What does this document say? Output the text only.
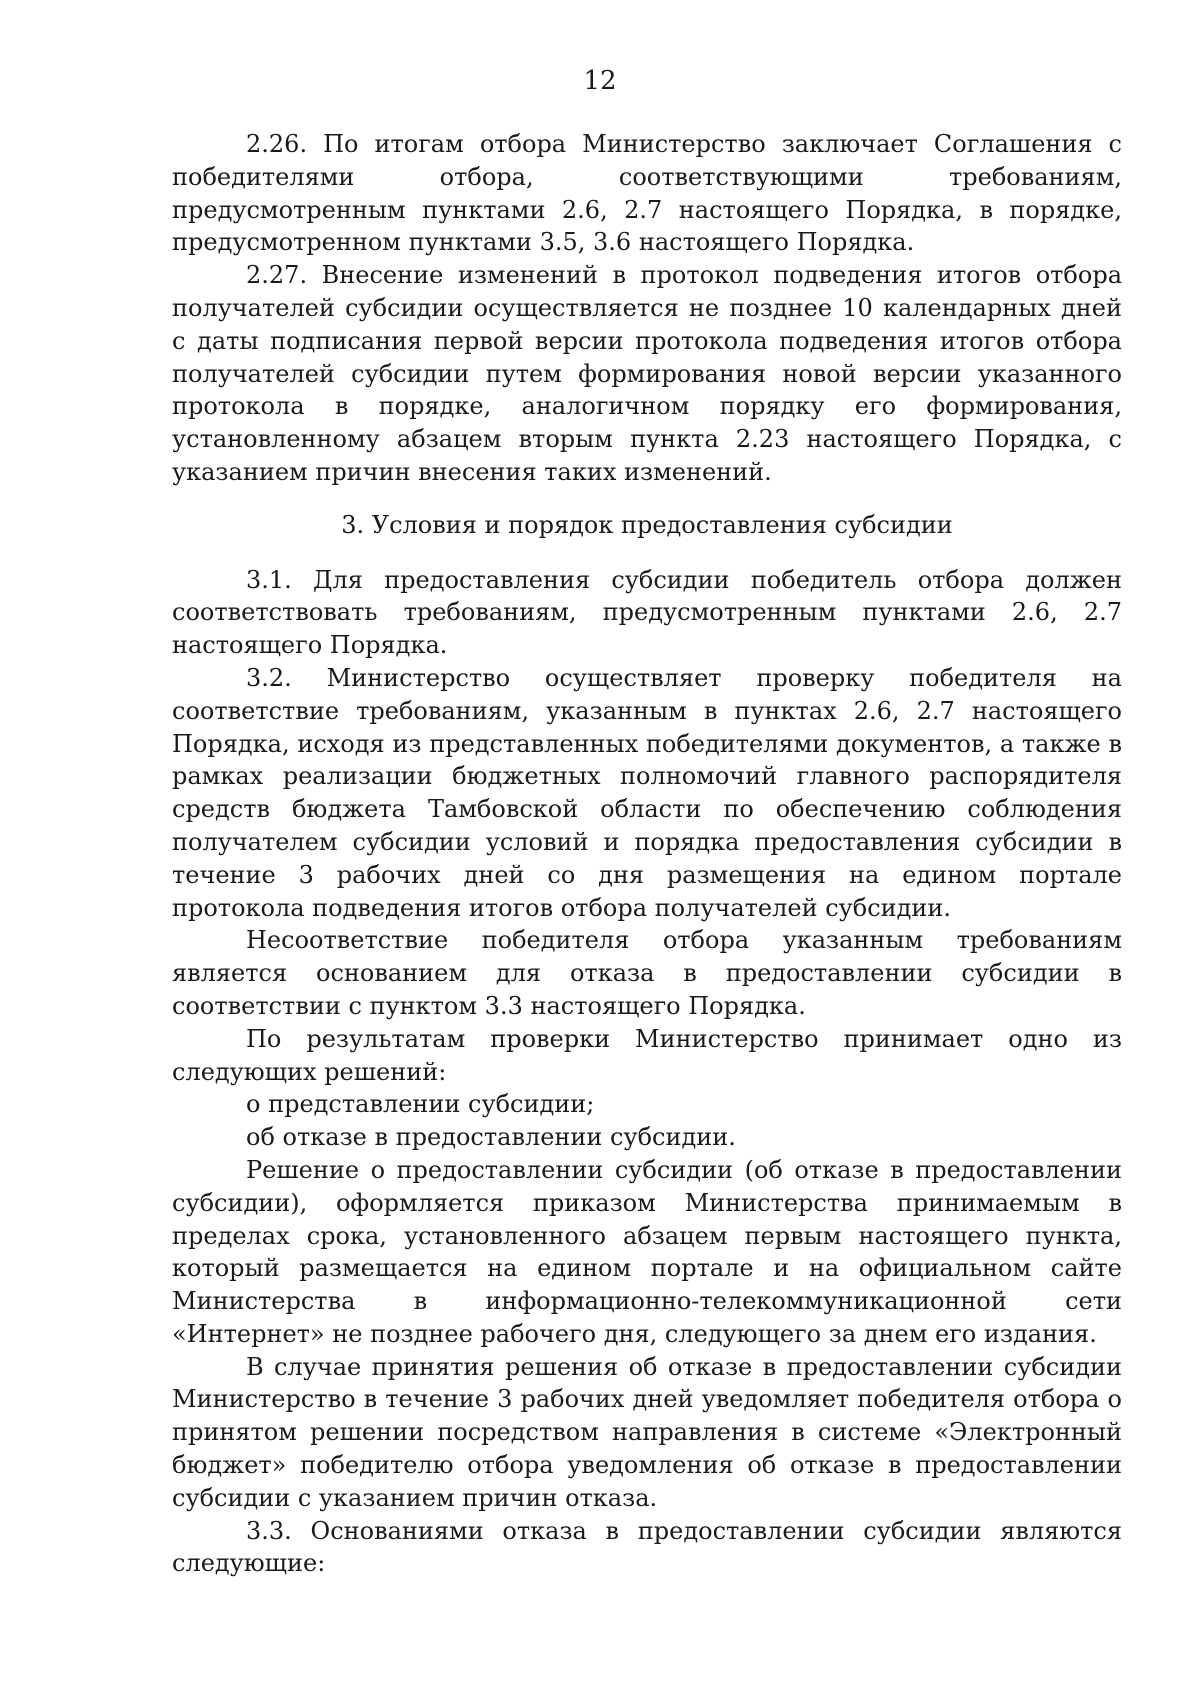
12

2.26. По итогам отбора Министерство заключает Соглашения с победителями отбора, соответствующими требованиям, предусмотренным пунктами 2.6, 2.7 настоящего Порядка, в порядке, предусмотренном пунктами 3.5, 3.6 настоящего Порядка.

2.27. Внесение изменений в протокол подведения итогов отбора получателей субсидии осуществляется не позднее 10 календарных дней с даты подписания первой версии протокола подведения итогов отбора получателей субсидии путем формирования новой версии указанного протокола в порядке, аналогичном порядку его формирования, установленному абзацем вторым пункта 2.23 настоящего Порядка, с указанием причин внесения таких изменений.

3. Условия и порядок предоставления субсидии

3.1. Для предоставления субсидии победитель отбора должен соответствовать требованиям, предусмотренным пунктами 2.6, 2.7 настоящего Порядка.

3.2. Министерство осуществляет проверку победителя на соответствие требованиям, указанным в пунктах 2.6, 2.7 настоящего Порядка, исходя из представленных победителями документов, а также в рамках реализации бюджетных полномочий главного распорядителя средств бюджета Тамбовской области по обеспечению соблюдения получателем субсидии условий и порядка предоставления субсидии в течение 3 рабочих дней со дня размещения на едином портале протокола подведения итогов отбора получателей субсидии.

Несоответствие победителя отбора указанным требованиям является основанием для отказа в предоставлении субсидии в соответствии с пунктом 3.3 настоящего Порядка.

По результатам проверки Министерство принимает одно из следующих решений:

о представлении субсидии;

об отказе в предоставлении субсидии.

Решение о предоставлении субсидии (об отказе в предоставлении субсидии), оформляется приказом Министерства принимаемым в пределах срока, установленного абзацем первым настоящего пункта, который размещается на едином портале и на официальном сайте Министерства в информационно-телекоммуникационной сети «Интернет» не позднее рабочего дня, следующего за днем его издания.

В случае принятия решения об отказе в предоставлении субсидии Министерство в течение 3 рабочих дней уведомляет победителя отбора о принятом решении посредством направления в системе «Электронный бюджет» победителю отбора уведомления об отказе в предоставлении субсидии с указанием причин отказа.

3.3. Основаниями отказа в предоставлении субсидии являются следующие:
